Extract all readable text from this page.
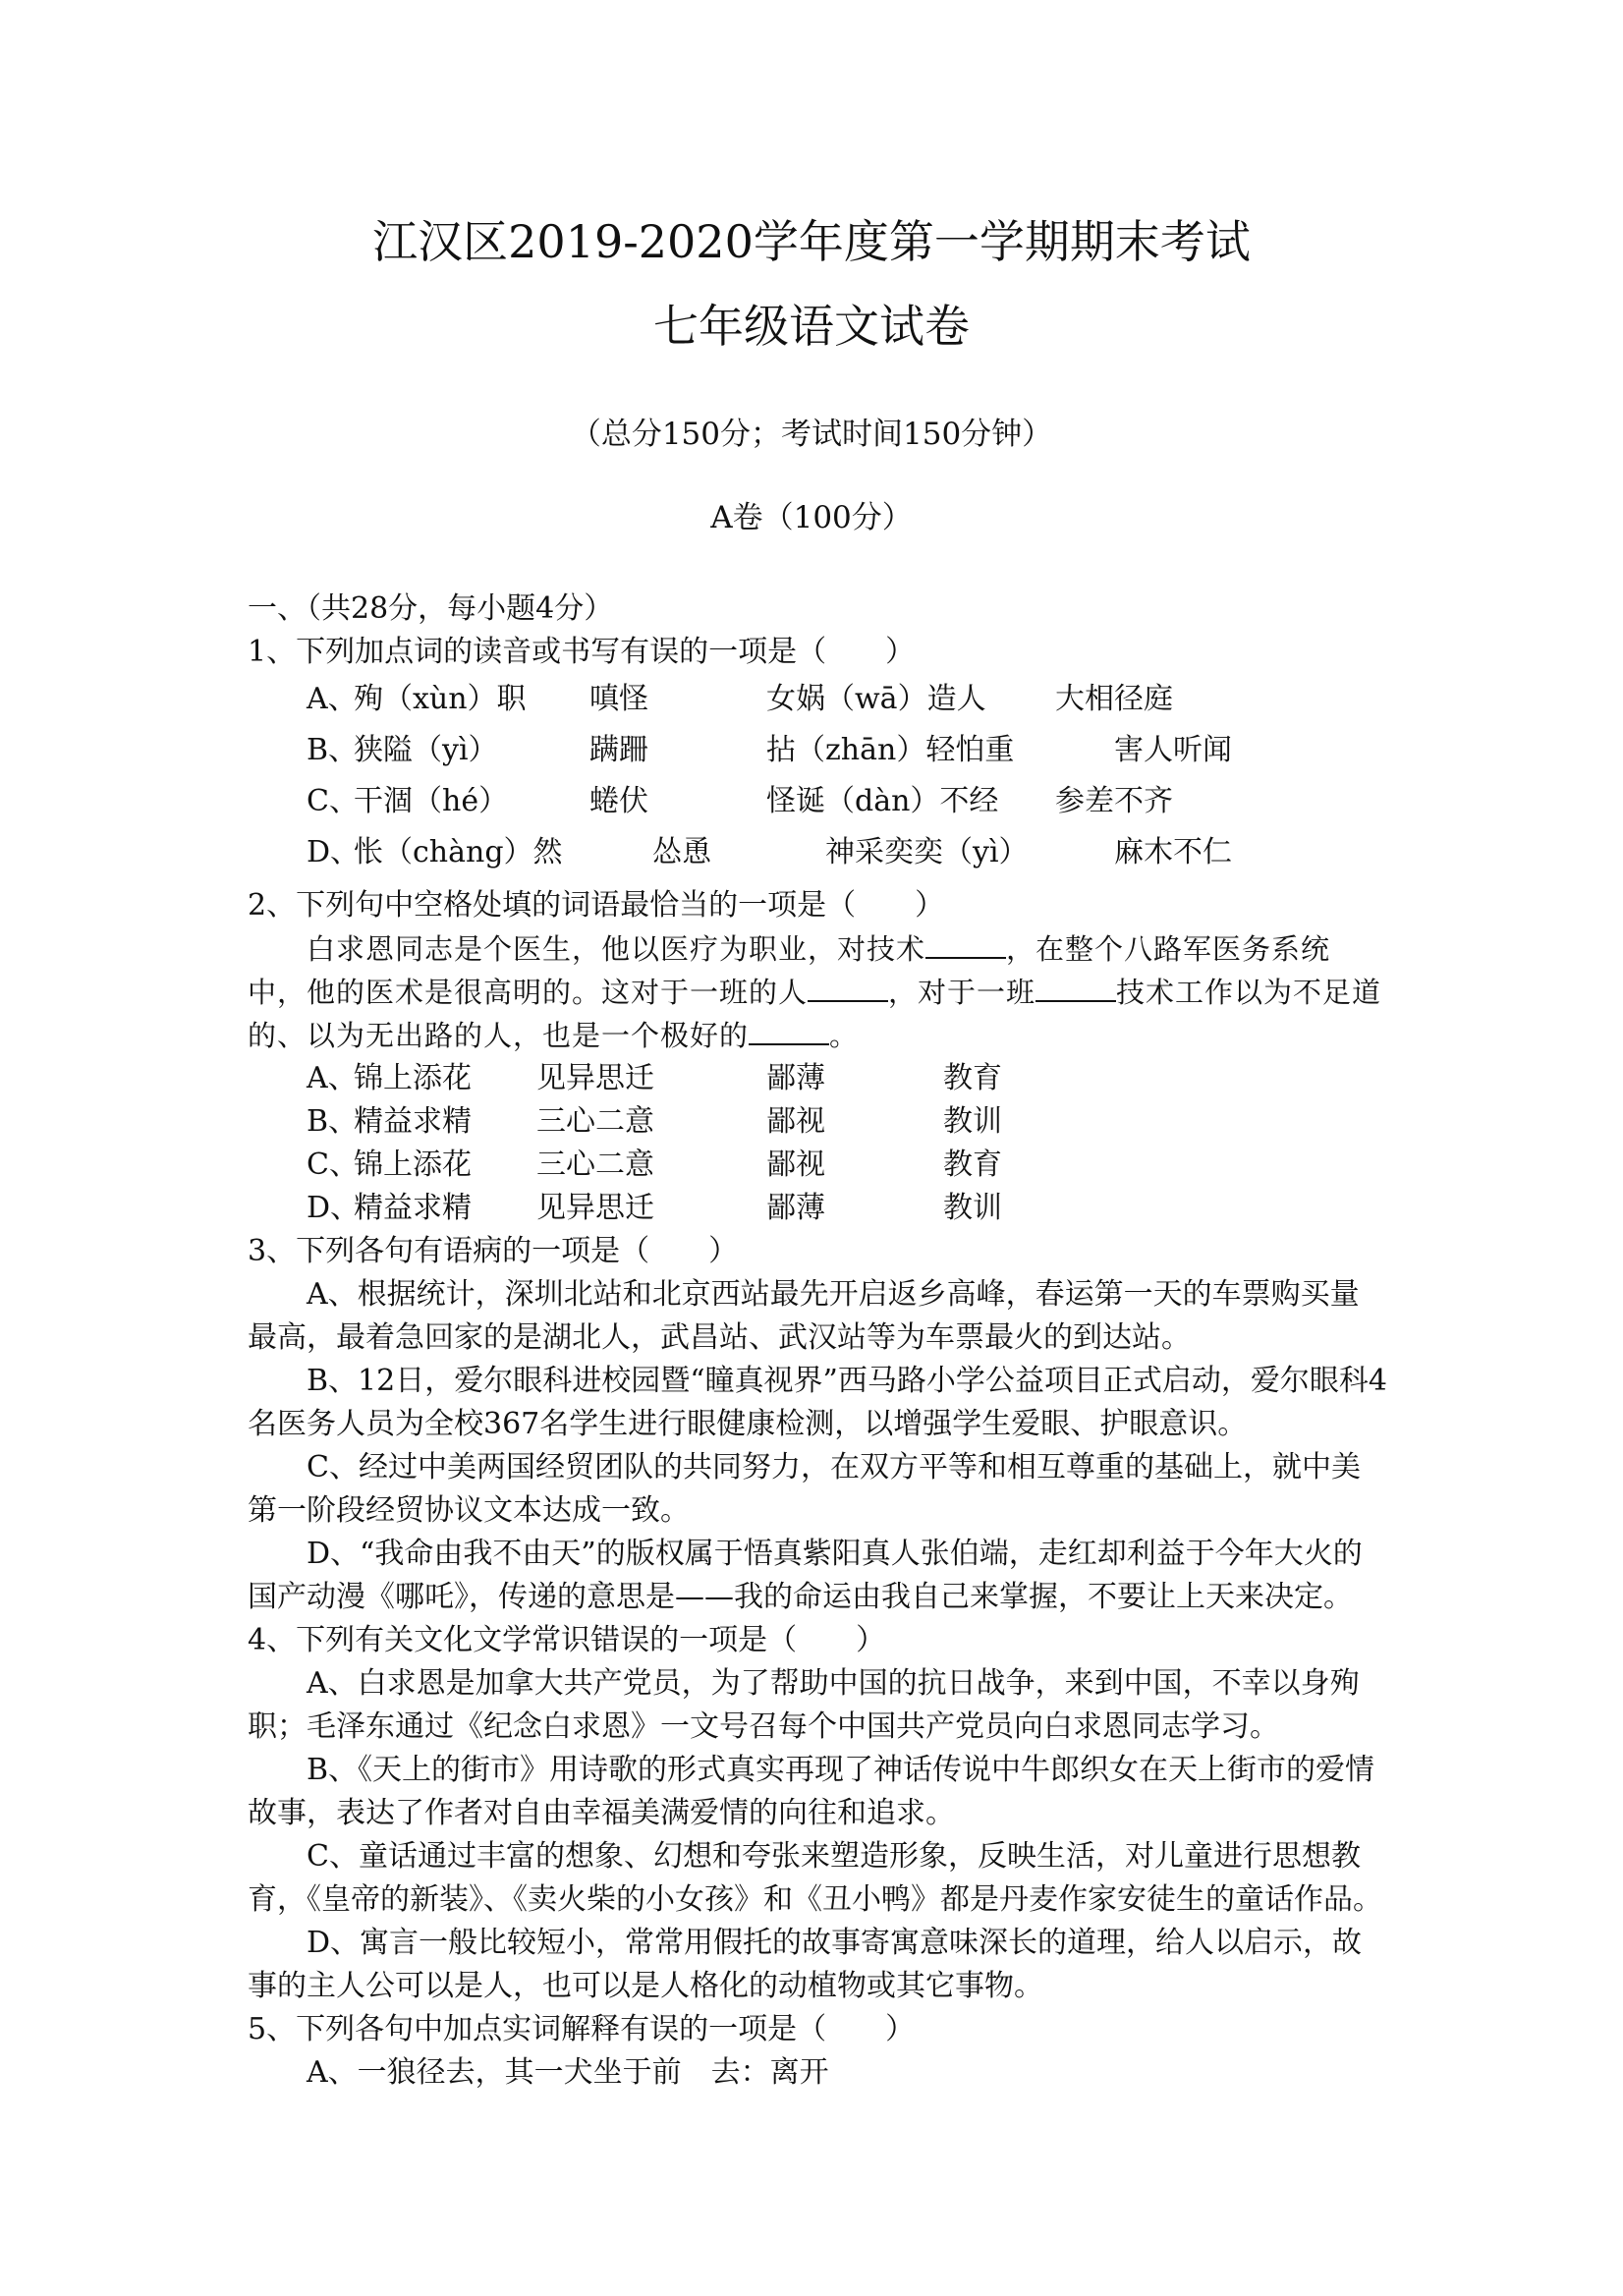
江汉区2019-2020学年度第一学期期末考试
七年级语文试卷
（总分150分；考试时间150分钟）
A卷（100分）
一、（共28分，每小题4分）
1、下列加点词的读音或书写有误的一项是（　　）
A、
殉（xùn）职 嗔怪	女娲（wā）造人 大相径庭
B、
狭隘（yì）	蹒跚	拈（zhān）轻怕重	害人听闻
C、
干涸（hé）	蜷伏	怪诞（dàn）不经 参差不齐
D、
怅（chàng）然	怂恿	神采奕奕（yì）	麻木不仁
2、下列句中空格处填的词语最恰当的一项是（　　）
白求恩同志是个医生，他以医疗为职业，对技术	，在整个八路军医务系统中，他的医术是很高明的。这对于一班的人	，对于一班	技术工作以为不足道的、以为无出路的人，也是一个极好的	。
A、
锦上添花 见异思迁	鄙薄	教育
B、
精益求精 三心二意	鄙视	教训
C、
锦上添花 三心二意	鄙视	教育
D、
精益求精 见异思迁	鄙薄	教训
3、下列各句有语病的一项是（　　）
A、根据统计，深圳北站和北京西站最先开启返乡高峰，春运第一天的车票购买量最高，最着急回家的是湖北人，武昌站、武汉站等为车票最火的到达站。
B、12日，爱尔眼科进校园暨“瞳真视界”西马路小学公益项目正式启动，爱尔眼科4名医务人员为全校367名学生进行眼健康检测，以增强学生爱眼、护眼意识。
C、经过中美两国经贸团队的共同努力，在双方平等和相互尊重的基础上，就中美第一阶段经贸协议文本达成一致。
D、“我命由我不由天”的版权属于悟真紫阳真人张伯端，走红却利益于今年大火的国产动漫《哪吒》，传递的意思是——我的命运由我自己来掌握，不要让上天来决定。
4、下列有关文化文学常识错误的一项是（　　）
A、白求恩是加拿大共产党员，为了帮助中国的抗日战争，来到中国，不幸以身殉职；毛泽东通过《纪念白求恩》一文号召每个中国共产党员向白求恩同志学习。
B、《天上的街市》用诗歌的形式真实再现了神话传说中牛郎织女在天上街市的爱情故事，表达了作者对自由幸福美满爱情的向往和追求。
C、童话通过丰富的想象、幻想和夸张来塑造形象，反映生活，对儿童进行思想教育，《皇帝的新装》、《卖火柴的小女孩》和《丑小鸭》都是丹麦作家安徒生的童话作品。
D、寓言一般比较短小，常常用假托的故事寄寓意味深长的道理，给人以启示，故事的主人公可以是人，也可以是人格化的动植物或其它事物。
5、下列各句中加点实词解释有误的一项是（　　）
A、一狼径去，其一犬坐于前　去：离开
